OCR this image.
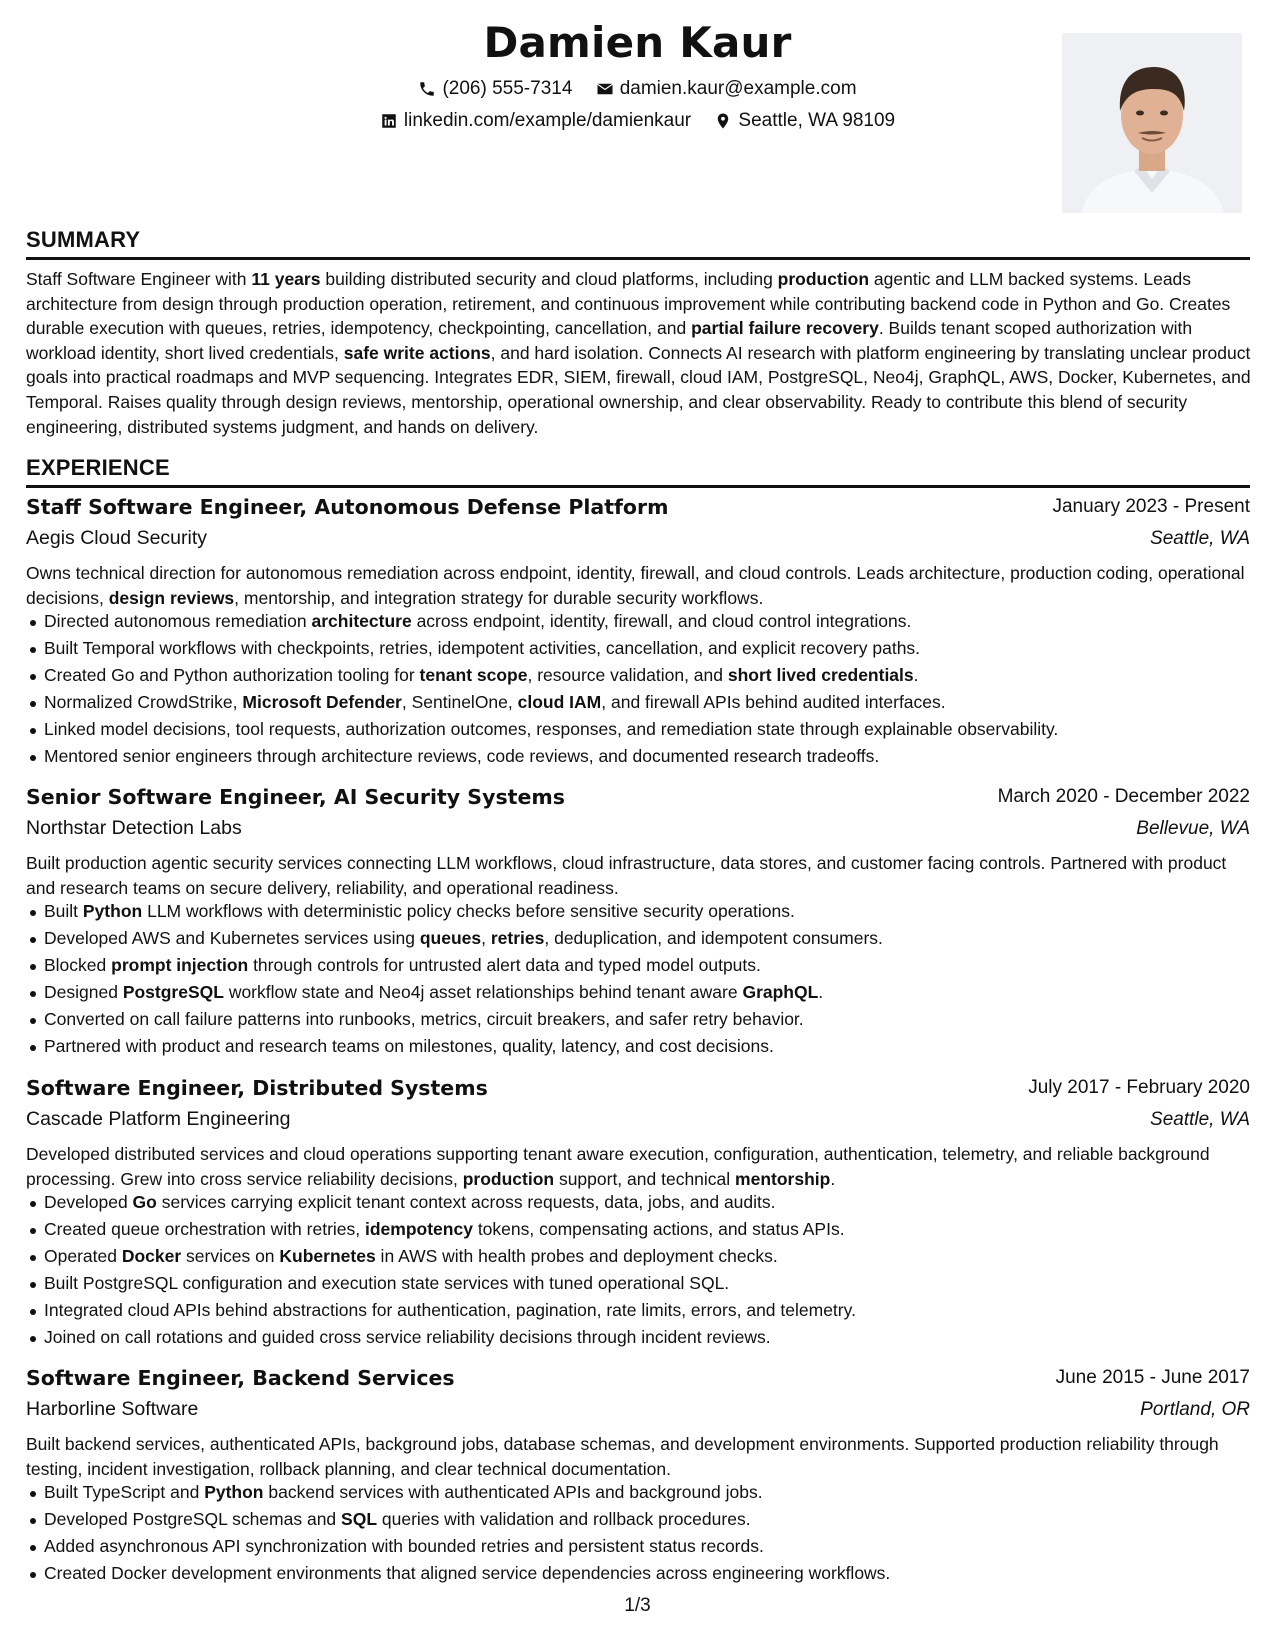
Damien Kaur
(206) 555-7314
damien.kaur@example.com
linkedin.com/example/damienkaur
Seattle, WA 98109
SUMMARY
Staff Software Engineer with 11 years building distributed security and cloud platforms, including production agentic and LLM backed systems. Leads architecture from design through production operation, retirement, and continuous improvement while contributing backend code in Python and Go. Creates durable execution with queues, retries, idempotency, checkpointing, cancellation, and partial failure recovery. Builds tenant scoped authorization with workload identity, short lived credentials, safe write actions, and hard isolation. Connects AI research with platform engineering by translating unclear product goals into practical roadmaps and MVP sequencing. Integrates EDR, SIEM, firewall, cloud IAM, PostgreSQL, Neo4j, GraphQL, AWS, Docker, Kubernetes, and Temporal. Raises quality through design reviews, mentorship, operational ownership, and clear observability. Ready to contribute this blend of security engineering, distributed systems judgment, and hands on delivery.
EXPERIENCE
Staff Software Engineer, Autonomous Defense Platform	January 2023 - Present
Aegis Cloud Security	Seattle, WA
Owns technical direction for autonomous remediation across endpoint, identity, firewall, and cloud controls. Leads architecture, production coding, operational decisions, design reviews, mentorship, and integration strategy for durable security workflows.
Directed autonomous remediation architecture across endpoint, identity, firewall, and cloud control integrations.
Built Temporal workflows with checkpoints, retries, idempotent activities, cancellation, and explicit recovery paths.
Created Go and Python authorization tooling for tenant scope, resource validation, and short lived credentials.
Normalized CrowdStrike, Microsoft Defender, SentinelOne, cloud IAM, and firewall APIs behind audited interfaces.
Linked model decisions, tool requests, authorization outcomes, responses, and remediation state through explainable observability.
Mentored senior engineers through architecture reviews, code reviews, and documented research tradeoffs.
Senior Software Engineer, AI Security Systems	March 2020 - December 2022
Northstar Detection Labs	Bellevue, WA
Built production agentic security services connecting LLM workflows, cloud infrastructure, data stores, and customer facing controls. Partnered with product and research teams on secure delivery, reliability, and operational readiness.
Built Python LLM workflows with deterministic policy checks before sensitive security operations.
Developed AWS and Kubernetes services using queues, retries, deduplication, and idempotent consumers.
Blocked prompt injection through controls for untrusted alert data and typed model outputs.
Designed PostgreSQL workflow state and Neo4j asset relationships behind tenant aware GraphQL.
Converted on call failure patterns into runbooks, metrics, circuit breakers, and safer retry behavior.
Partnered with product and research teams on milestones, quality, latency, and cost decisions.
Software Engineer, Distributed Systems	July 2017 - February 2020
Cascade Platform Engineering	Seattle, WA
Developed distributed services and cloud operations supporting tenant aware execution, configuration, authentication, telemetry, and reliable background processing. Grew into cross service reliability decisions, production support, and technical mentorship.
Developed Go services carrying explicit tenant context across requests, data, jobs, and audits.
Created queue orchestration with retries, idempotency tokens, compensating actions, and status APIs.
Operated Docker services on Kubernetes in AWS with health probes and deployment checks.
Built PostgreSQL configuration and execution state services with tuned operational SQL.
Integrated cloud APIs behind abstractions for authentication, pagination, rate limits, errors, and telemetry.
Joined on call rotations and guided cross service reliability decisions through incident reviews.
Software Engineer, Backend Services	June 2015 - June 2017
Harborline Software	Portland, OR
Built backend services, authenticated APIs, background jobs, database schemas, and development environments. Supported production reliability through testing, incident investigation, rollback planning, and clear technical documentation.
Built TypeScript and Python backend services with authenticated APIs and background jobs.
Developed PostgreSQL schemas and SQL queries with validation and rollback procedures.
Added asynchronous API synchronization with bounded retries and persistent status records.
Created Docker development environments that aligned service dependencies across engineering workflows.
1/3
